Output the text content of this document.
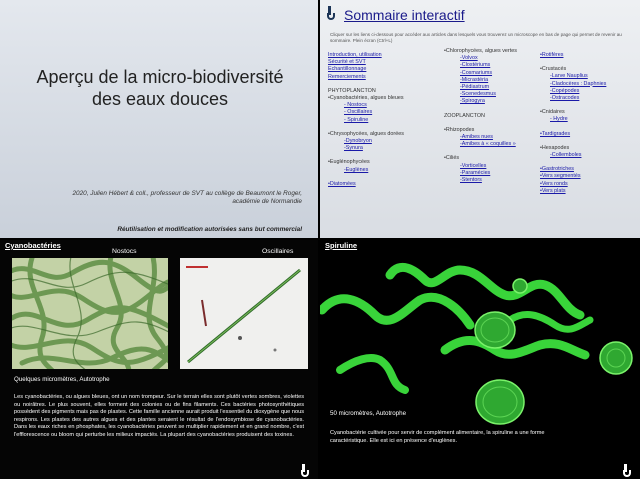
Aperçu de la micro-biodiversité des eaux douces
2020, Julien Hébert & coll., professeur de SVT au collège de Beaumont le Roger, académie de Normandie
Réutilisation et modification autorisées sans but commercial
Sommaire interactif
Cliquer sur les liens ci-dessous pour accéder aux articles dans lesquels vous trouverez un microscope en bas de page qui permet de revenir au sommaire. Plein écran (Ctrl+L)
Introduction, utilisation
Sécurité et SVT
Echantillonnage
Remerciements
PHYTOPLANCTON
•Cyanobactéries, algues bleues
- Nostocs
- Oscillaires
- Spiruline
•Chrysophycées, algues dorées
-Dynobryon
-Synura
•Euglénophycées
-Euglènes
•Diatomées
•Chlorophycées, algues vertes
-Volvox
-Clostériums
-Cosmariums
-Micrastéria
-Pédiastrum
-Scenedesmus
-Spirogyra
ZOOPLANCTON
•Rhizopodes
-Amibes nues
-Amibes à « coquilles »
•Ciliés
-Vorticelles
-Paramécies
-Stentors
•Rotifères
•Crustacés
-Larve Nauplius
-Cladocères : Daphnies
-Copépodes
-Ostracodes
•Cnidaires
- Hydre
•Tardigrades
•Hexapodes
-Collemboles
•Gastrotriches
•Vers segmentés
•Vers ronds
•Vers plats
Cyanobactéries
Nostocs	Oscillaires
Quelques micromètres, Autotrophe
Les cyanobactéries, ou algues bleues, ont un nom trompeur. Sur le terrain elles sont plutôt vertes sombres, violettes ou noirâtres. Le plus souvent, elles forment des colonies ou de fins filaments. Ces bactéries photosynthétiques possèdent des pigments mais pas de plastes. Cette famille ancienne aurait produit l'essentiel du dioxygène que nous respirons. Les plastes des autres algues et des plantes seraient le résultat de l'endosymbiose de cyanobactéries. Dans les eaux riches en phosphates, les cyanobactéries peuvent se multiplier rapidement et en grand nombre, c'est l'efflorescence ou bloom qui perturbe les milieux impactés. La plupart des cyanobactéries produisent des toxines.
Spiruline
50 micromètres, Autotrophe
Cyanobactérie cultivée pour servir de complément alimentaire, la spiruline a une forme caractéristique. Elle est ici en présence d'euglènes.
